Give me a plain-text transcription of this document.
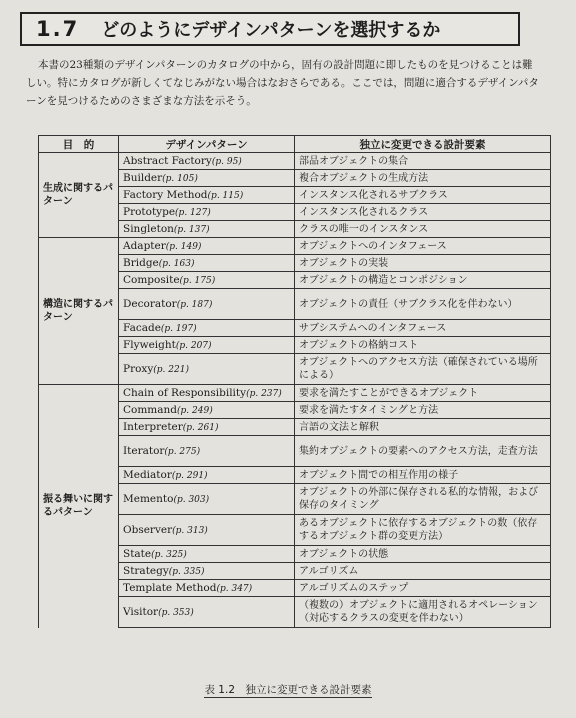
1.7 どのようにデザインパターンを選択するか

本書の23種類のデザインパターンのカタログの中から，固有の設計問題に即したものを見つけることは難しい。特にカタログが新しくてなじみがない場合はなおさらである。ここでは，問題に適合するデザインパターンを見つけるためのさまざまな方法を示そう。

目　的	デザインパターン	独立に変更できる設計要素
生成に関するパターン	Abstract Factory(p. 95)	部品オブジェクトの集合
	Builder(p. 105)	複合オブジェクトの生成方法
	Factory Method(p. 115)	インスタンス化されるサブクラス
	Prototype(p. 127)	インスタンス化されるクラス
	Singleton(p. 137)	クラスの唯一のインスタンス
構造に関するパターン	Adapter(p. 149)	オブジェクトへのインタフェース
	Bridge(p. 163)	オブジェクトの実装
	Composite(p. 175)	オブジェクトの構造とコンポジション
	Decorator(p. 187)	オブジェクトの責任（サブクラス化を伴わない）
	Facade(p. 197)	サブシステムへのインタフェース
	Flyweight(p. 207)	オブジェクトの格納コスト
	Proxy(p. 221)	オブジェクトへのアクセス方法（確保されている場所による）
振る舞いに関するパターン	Chain of Responsibility(p. 237)	要求を満たすことができるオブジェクト
	Command(p. 249)	要求を満たすタイミングと方法
	Interpreter(p. 261)	言語の文法と解釈
	Iterator(p. 275)	集約オブジェクトの要素へのアクセス方法，走査方法
	Mediator(p. 291)	オブジェクト間での相互作用の様子
	Memento(p. 303)	オブジェクトの外部に保存される私的な情報，および保存のタイミング
	Observer(p. 313)	あるオブジェクトに依存するオブジェクトの数（依存するオブジェクト群の変更方法）
	State(p. 325)	オブジェクトの状態
	Strategy(p. 335)	アルゴリズム
	Template Method(p. 347)	アルゴリズムのステップ
	Visitor(p. 353)	（複数の）オブジェクトに適用されるオペレーション（対応するクラスの変更を伴わない）
表 1.2　独立に変更できる設計要素
